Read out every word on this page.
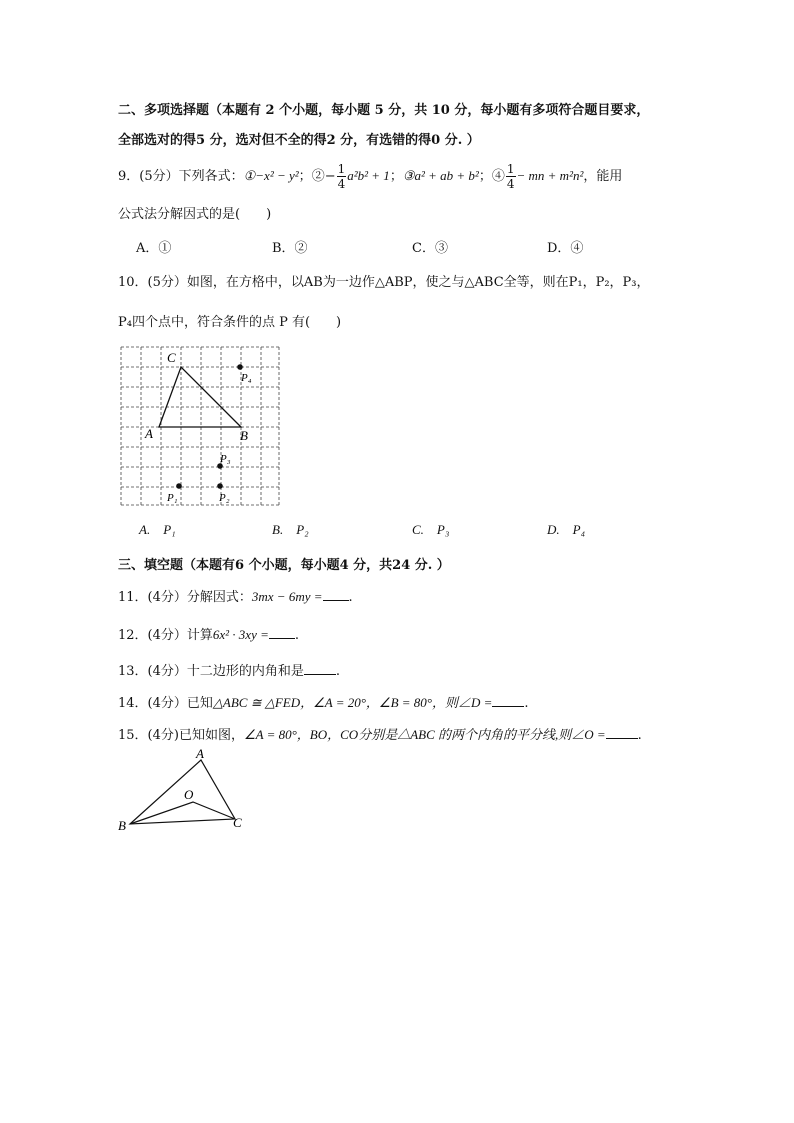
二、多项选择题（本题有 2 个小题，每小题 5 分，共 10 分，每小题有多项符合题目要求，
全部选对的得5 分，选对但不全的得2 分，有选错的得0 分. ）
9．(5分）下列各式：①−x² − y²；②− $\frac{1}{4} a^2b^2 + 1$；③a² + ab + b²；④ $\frac{1}{4}$ − mn + m²n²，能用
公式法分解因式的是(　　)
A．①	B．②	C．③	D．④
10．(5分）如图，在方格中，以AB为一边作△ABP，使之与△ABC全等，则在P₁，P₂，P₃，
P₄四个点中，符合条件的点 P 有(　　)
C
A	B
P₄
P₃
P₁	P₂
A.　P₁	B.　P₂	C.　P₃	D.　P₄
三、填空题（本题有6 个小题，每小题4 分，共24 分. ）
11．(4分）分解因式：3mx − 6my = .
12．(4分）计算6x² · 3xy = .
13．(4分）十二边形的内角和是 .
14．(4分）已知△ABC ≅ △FED，∠A = 20°，∠B = 80°，则∠D = .
15．(4分)已知如图，∠A = 80°，BO，CO分别是△ABC 的两个内角的平分线,则∠O = .
A
O
B	C
